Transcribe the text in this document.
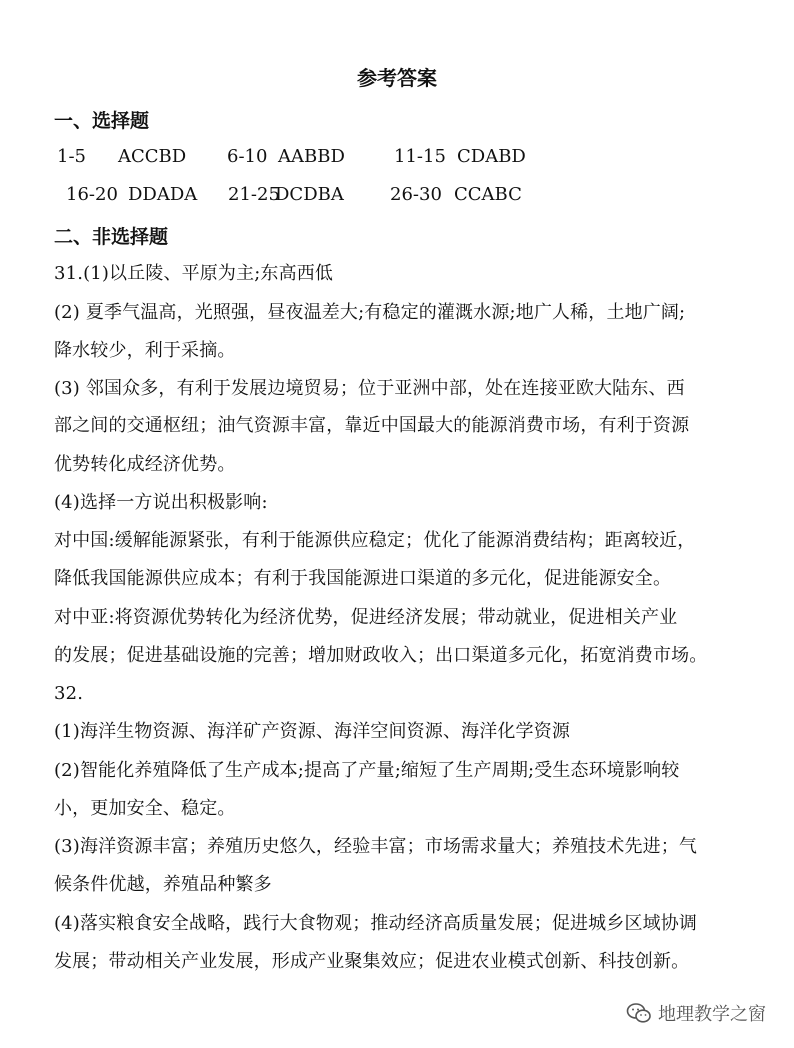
参考答案
一、选择题
1-5 ACCBD 6-10 AABBD	11-15 CDABD
16-20 DDADA 21-25
DCDBA	26-30 CCABC
二、非选择题
31.(1)以丘陵、平原为主;东高西低
(2) 夏季气温高，光照强，昼夜温差大;有稳定的灌溉水源;地广人稀，土地广阔;
降水较少，利于采摘。
(3) 邻国众多，有利于发展边境贸易；位于亚洲中部，处在连接亚欧大陆东、西
部之间的交通枢纽；油气资源丰富，靠近中国最大的能源消费市场，有利于资源
优势转化成经济优势。
(4)选择一方说出积极影响:
对中国:缓解能源紧张，有利于能源供应稳定；优化了能源消费结构；距离较近，
降低我国能源供应成本；有利于我国能源进口渠道的多元化，促进能源安全。
对中亚:将资源优势转化为经济优势，促进经济发展；带动就业，促进相关产业
的发展；促进基础设施的完善；增加财政收入；出口渠道多元化，拓宽消费市场。
32.
(1)海洋生物资源、海洋矿产资源、海洋空间资源、海洋化学资源
(2)智能化养殖降低了生产成本;提高了产量;缩短了生产周期;受生态环境影响较
小，更加安全、稳定。
(3)海洋资源丰富；养殖历史悠久，经验丰富；市场需求量大；养殖技术先进；气
候条件优越，养殖品种繁多
(4)落实粮食安全战略，践行大食物观；推动经济高质量发展；促进城乡区域协调
发展；带动相关产业发展，形成产业聚集效应；促进农业模式创新、科技创新。
地理教学之窗
